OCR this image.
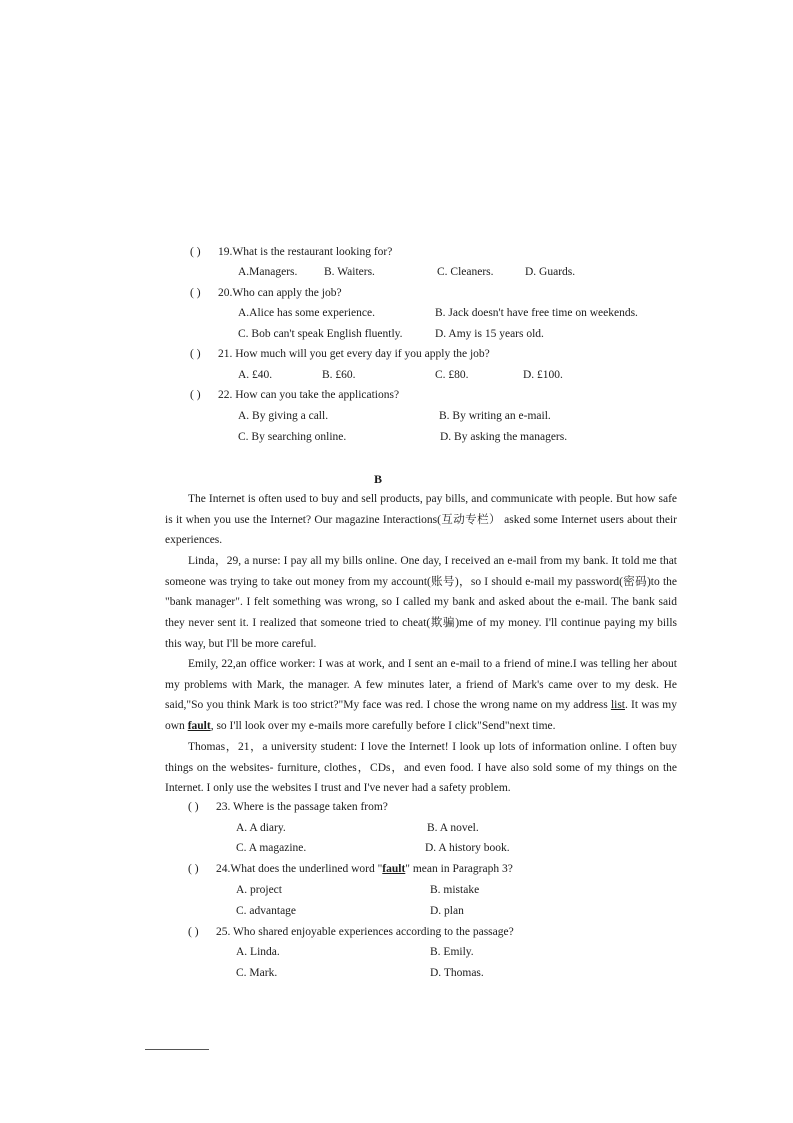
( ) 19.What is the restaurant looking for?
A.Managers. B. Waiters.	C. Cleaners.	D. Guards.
( ) 20.Who can apply the job?
A.Alice has some experience.	B. Jack doesn't have free time on weekends.
C. Bob can't speak English fluently.	D. Amy is 15 years old.
( ) 21. How much will you get every day if you apply the job?
A. £40.	B. £60.	C. £80.	D. £100.
( ) 22. How can you take the applications?
A. By giving a call.	B. By writing an e-mail.
C. By searching online.	D. By asking the managers.
B
The Internet is often used to buy and sell products, pay bills, and communicate with people. But how safe is it when you use the Internet? Our magazine Interactions(互动专栏） asked some Internet users about their experiences.
Linda，29, a nurse: I pay all my bills online. One day, I received an e-mail from my bank. It told me that someone was trying to take out money from my account(账号)，so I should e-mail my password(密码)to the "bank manager". I felt something was wrong, so I called my bank and asked about the e-mail. The bank said they never sent it. I realized that someone tried to cheat(欺骗)me of my money. I'll continue paying my bills this way, but I'll be more careful.
Emily, 22,an office worker: I was at work, and I sent an e-mail to a friend of mine.I was telling her about my problems with Mark, the manager. A few minutes later, a friend of Mark's came over to my desk. He said,"So you think Mark is too strict?"My face was red. I chose the wrong name on my address list. It was my own fault, so I'll look over my e-mails more carefully before I click"Send"next time.
Thomas，21，a university student: I love the Internet! I look up lots of information online. I often buy things on the websites- furniture, clothes，CDs，and even food. I have also sold some of my things on the Internet. I only use the websites I trust and I've never had a safety problem.
( ) 23. Where is the passage taken from?
A. A diary.	B. A novel.
C. A magazine.	D. A history book.
( ) 24.What does the underlined word "fault" mean in Paragraph 3?
A. project	B. mistake
C. advantage	D. plan
( ) 25. Who shared enjoyable experiences according to the passage?
A. Linda.	B. Emily.
C. Mark.	D. Thomas.
